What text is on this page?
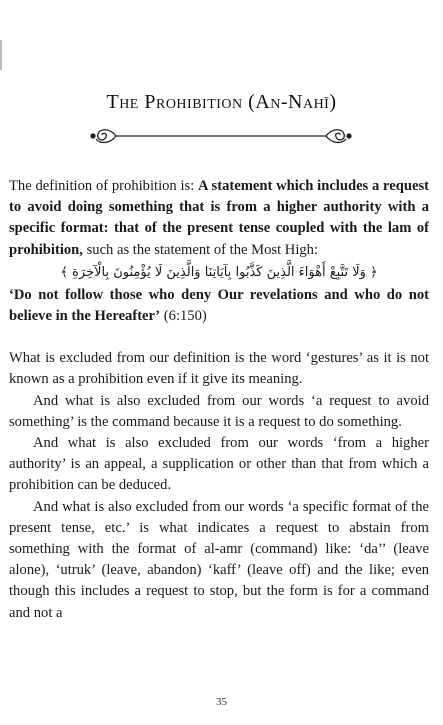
The Prohibition (An-Nahī)

The definition of prohibition is: A statement which includes a request to avoid doing something that is from a higher authority with a specific format: that of the present tense coupled with the lam of prohibition, such as the statement of the Most High:

﴿ وَلَا تَتَّبِعْ أَهْوَاءَ الَّذِينَ كَذَّبُوا بِآيَاتِنَا وَالَّذِينَ لَا يُؤْمِنُونَ بِالْآخِرَةِ ﴾

‘Do not follow those who deny Our revelations and who do not believe in the Hereafter’ (6:150)

What is excluded from our definition is the word ‘gestures’ as it is not known as a prohibition even if it give its meaning.

And what is also excluded from our words ‘a request to avoid something’ is the command because it is a request to do something.

And what is also excluded from our words ‘from a higher authority’ is an appeal, a supplication or other than that from which a prohibition can be deduced.

And what is also excluded from our words ‘a specific format of the present tense, etc.’ is what indicates a request to abstain from something with the format of al-amr (command) like: ‘da’’ (leave alone), ‘utruk’ (leave, abandon) ‘kaff’ (leave off) and the like; even though this includes a request to stop, but the form is for a command and not a

35
